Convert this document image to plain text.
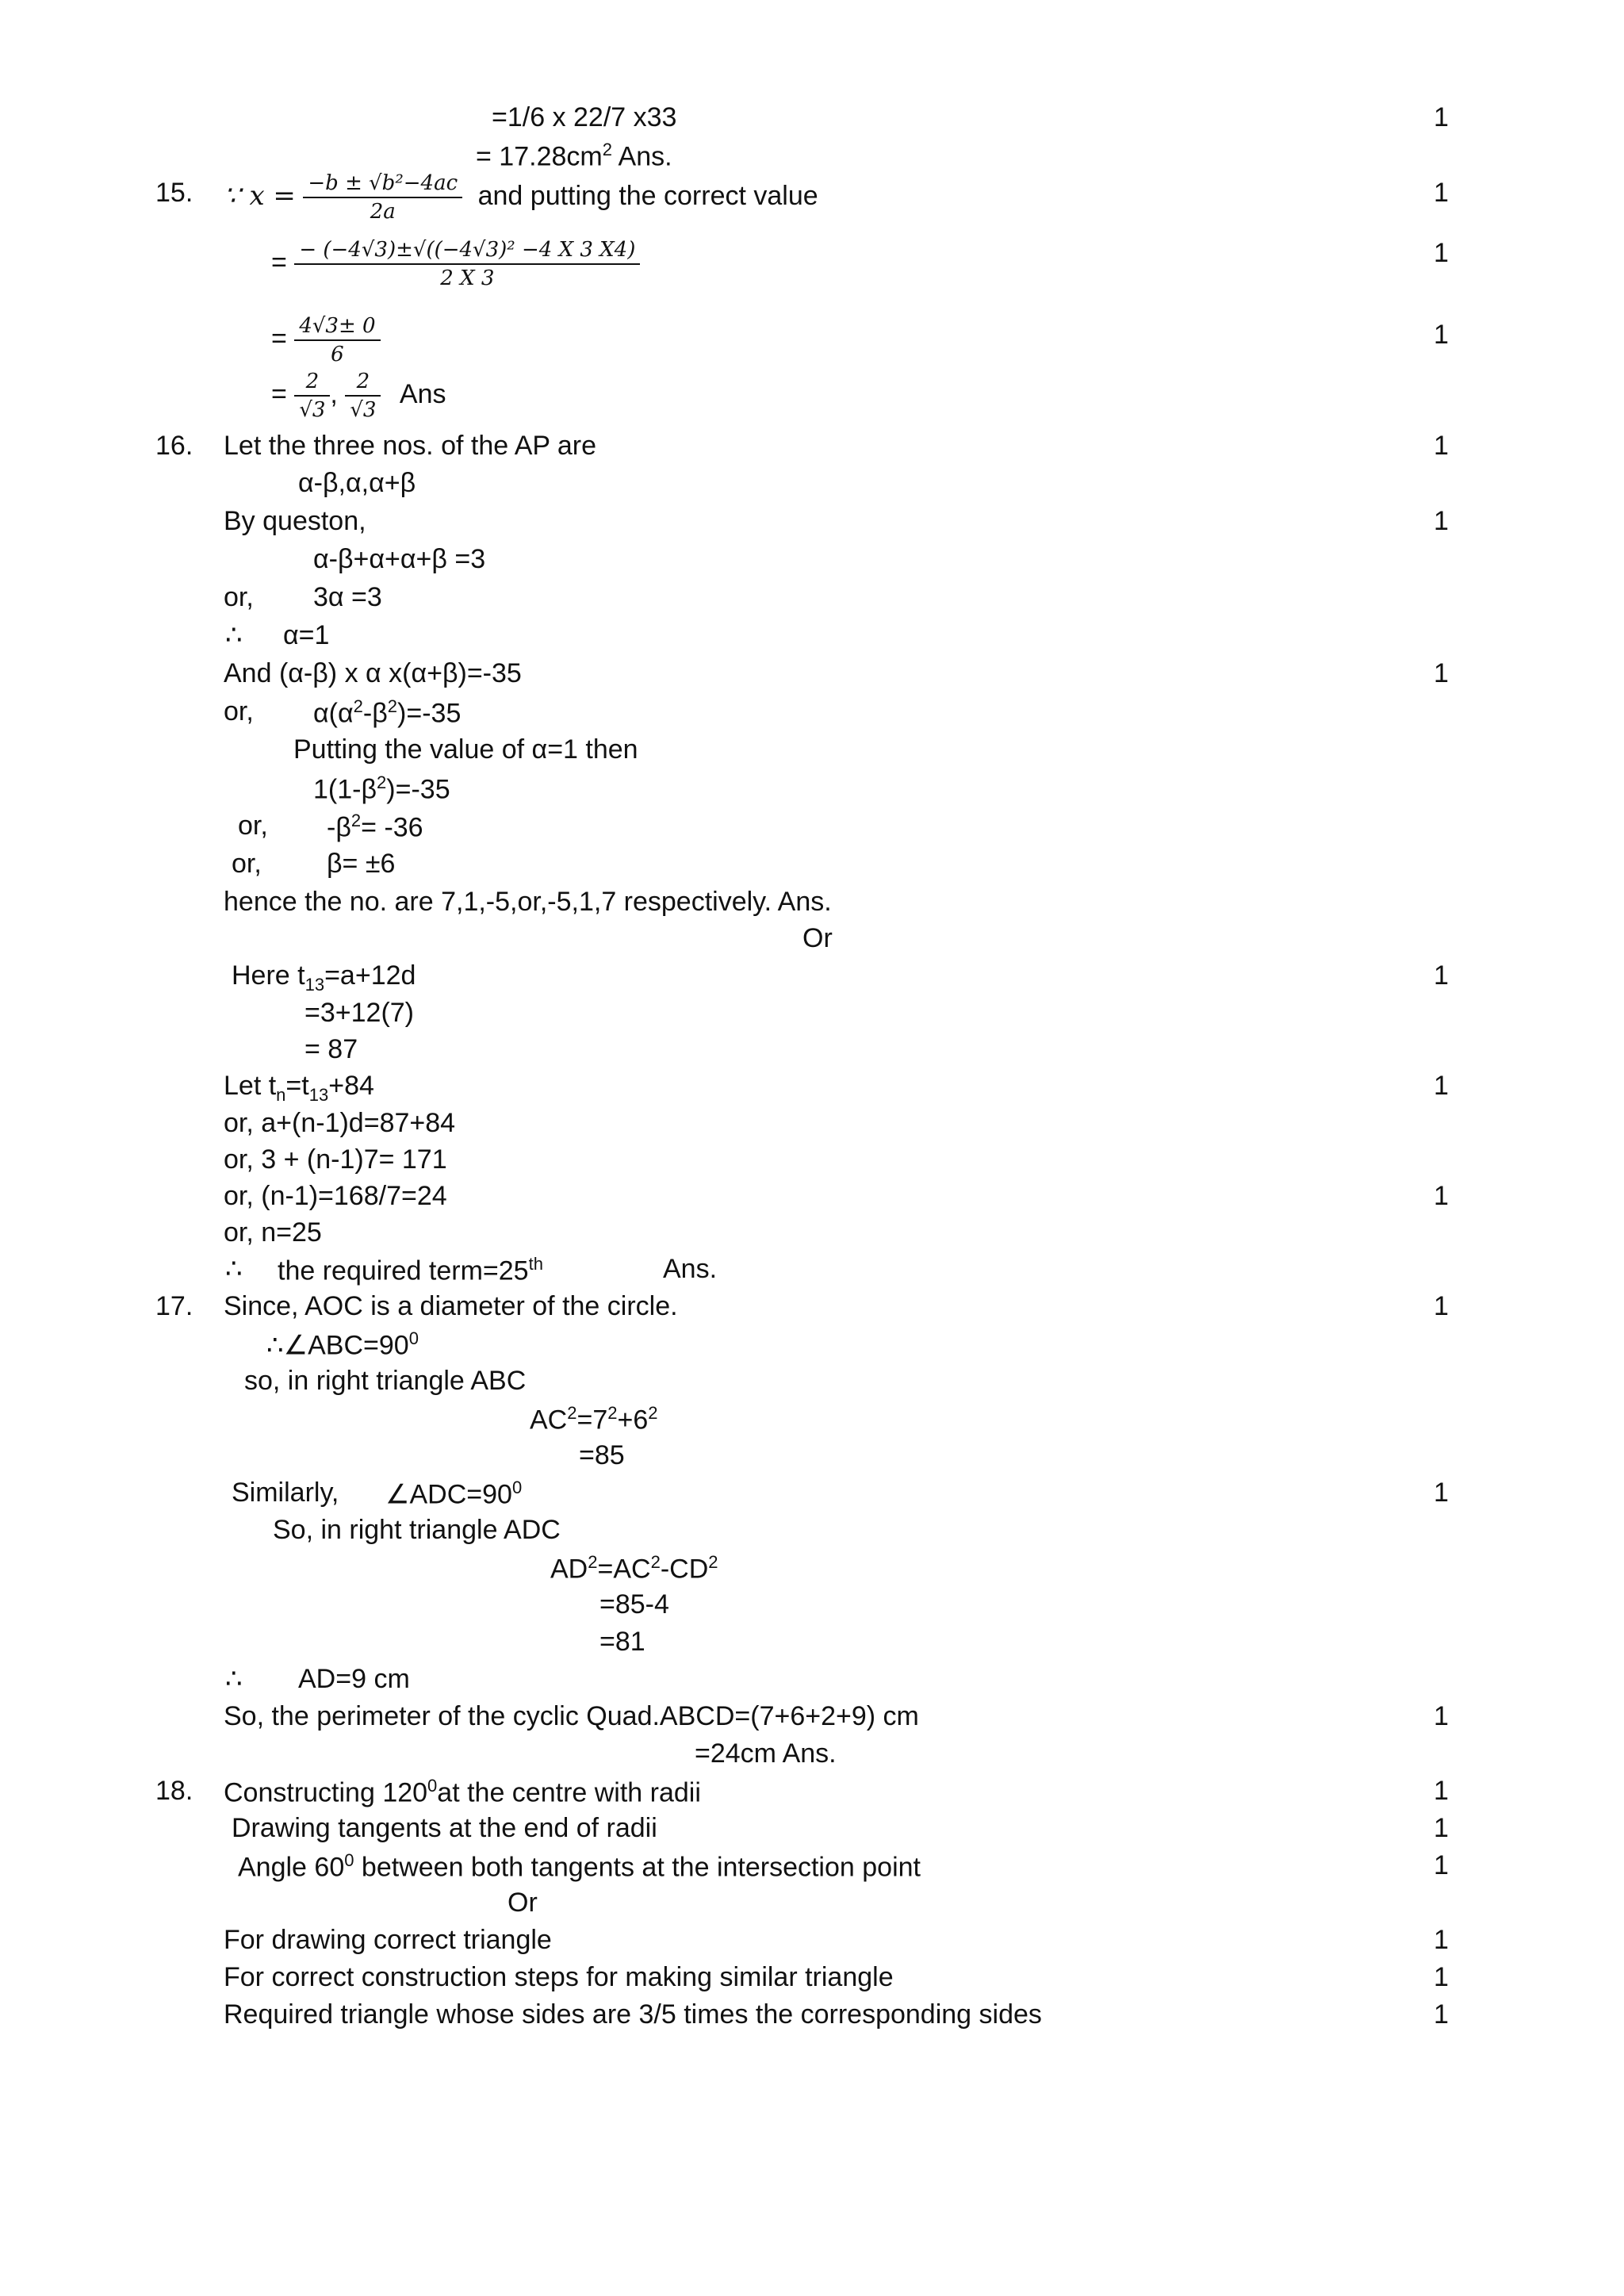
=1/6 x 22/7 x33	1
= $17.28cm^2$ Ans.
15. ∵ $x = \frac{\text{−b ± √b²−4ac}}{2a}$ and putting the correct value	1
= $\frac{\text{− (−4√3)±√((−4√3)² −4 X 3 X4)}}{2 X 3}$	1
= $\frac{4√3\pm 0}{6}$	1
= $\frac{2}{√3}$ , $\frac{2}{√3}$ Ans
16. Let the three nos. of the AP are	1
α-β,α,α+β
By queston,	1
α-β+α+α+β =3
or, 3α =3
∴ α=1
And (α-β) x α x(α+β)=-35	1
or, $\alpha(\alpha^2-\beta^2)=-35$
Putting the value of α=1 then
$1(1-\beta^2)=-35$
or, $-\beta^2= -36$
or, β= ±6
hence the no. are 7,1,-5,or,-5,1,7 respectively. Ans.
Or
Here $t_{13}=a+12d$	1
=3+12(7)
= 87
Let $t_n=t_{13}+84$	1
or, a+(n-1)d=87+84
or, 3 + (n-1)7= 171
or, (n-1)=168/7=24	1
or, n=25
∴ the required term=25th	Ans.
17. Since, AOC is a diameter of the circle.	1
$\therefore\angle ABC=90^0$
so, in right triangle ABC
$AC^2=7^2+6^2$
=85
Similarly, $\angle ADC=90^0$	1
So, in right triangle ADC
$AD^2=AC^2-CD^2$
=85-4
=81
∴ AD=9 cm
So, the perimeter of the cyclic Quad.ABCD=(7+6+2+9) cm	1
=24cm Ans.
18. Constructing $120^0at$ the centre with radii	1
Drawing tangents at the end of radii	1
Angle $60^0$ between both tangents at the intersection point	1
Or
For drawing correct triangle	1
For correct construction steps for making similar triangle	1
Required triangle whose sides are 3/5 times the corresponding sides	1
